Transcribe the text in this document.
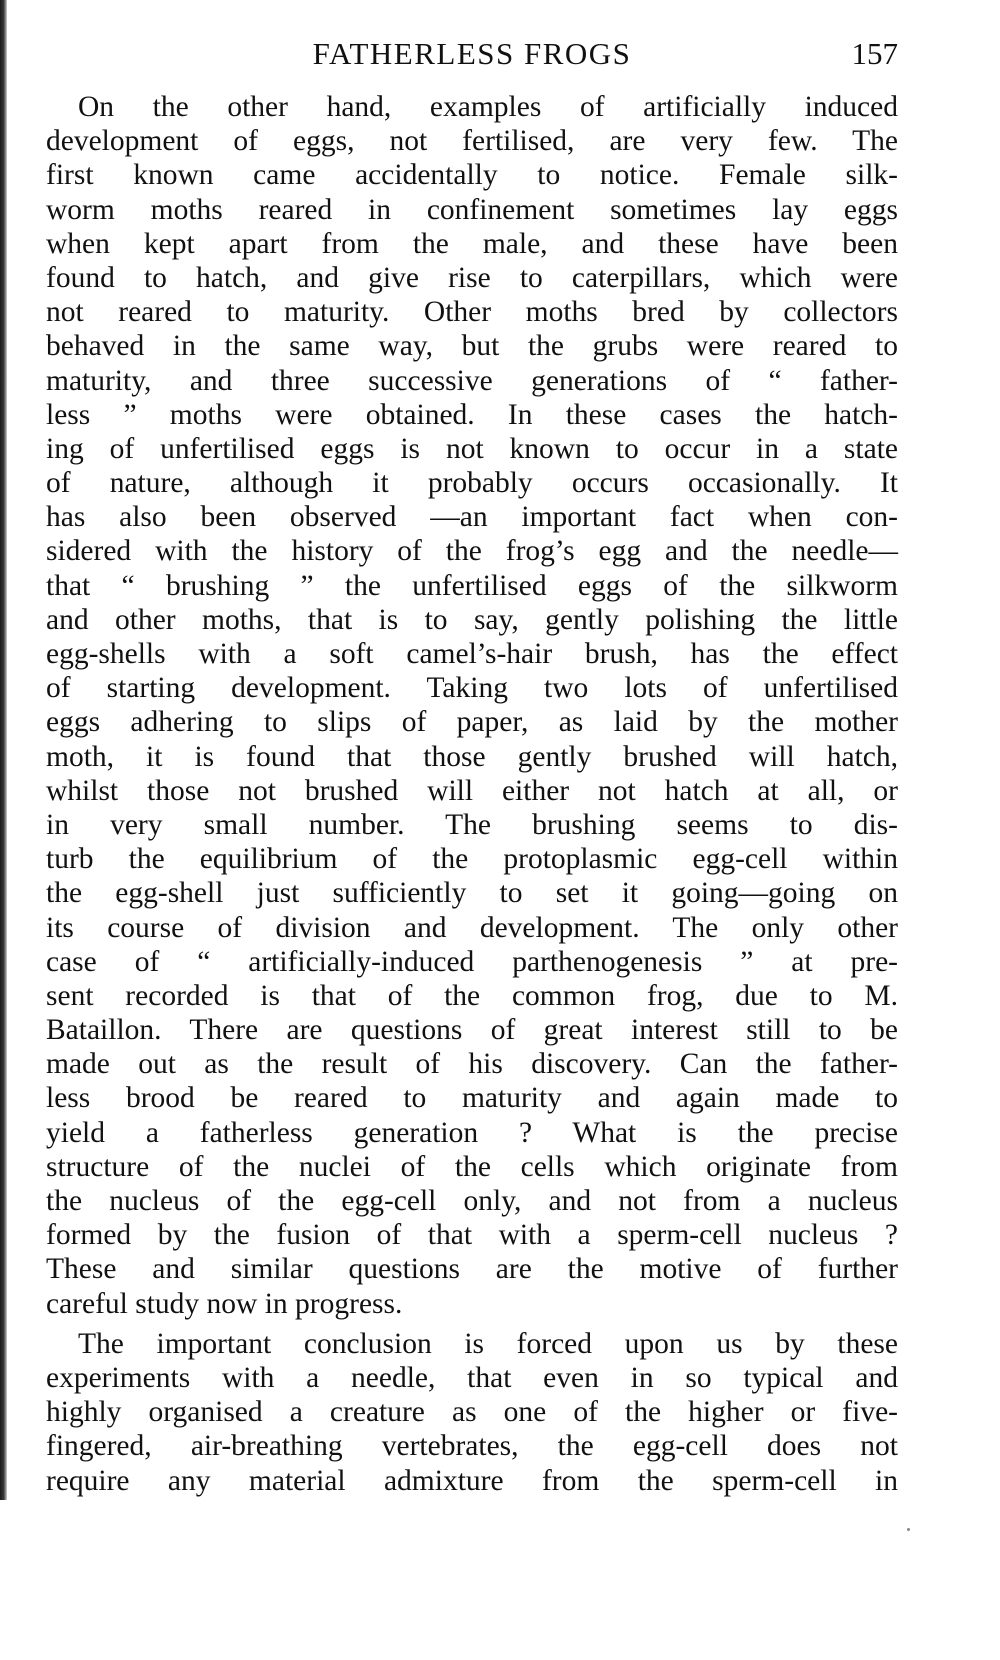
FATHERLESS FROGS	157
On the other hand, examples of artificially induced
development of eggs, not fertilised, are very few. The
first known came accidentally to notice. Female silk-
worm moths reared in confinement sometimes lay eggs
when kept apart from the male, and these have been
found to hatch, and give rise to caterpillars, which were
not reared to maturity. Other moths bred by collectors
behaved in the same way, but the grubs were reared to
maturity, and three successive generations of “ father-
less ” moths were obtained. In these cases the hatch-
ing of unfertilised eggs is not known to occur in a state
of nature, although it probably occurs occasionally. It
has also been observed —an important fact when con-
sidered with the history of the frog’s egg and the needle—
that “ brushing ” the unfertilised eggs of the silkworm
and other moths, that is to say, gently polishing the little
egg-shells with a soft camel’s-hair brush, has the effect
of starting development. Taking two lots of unfertilised
eggs adhering to slips of paper, as laid by the mother
moth, it is found that those gently brushed will hatch,
whilst those not brushed will either not hatch at all, or
in very small number. The brushing seems to dis-
turb the equilibrium of the protoplasmic egg-cell within
the egg-shell just sufficiently to set it going—going on
its course of division and development. The only other
case of “ artificially-induced parthenogenesis ” at pre-
sent recorded is that of the common frog, due to M.
Bataillon. There are questions of great interest still to be
made out as the result of his discovery. Can the father-
less brood be reared to maturity and again made to
yield a fatherless generation ? What is the precise
structure of the nuclei of the cells which originate from
the nucleus of the egg-cell only, and not from a nucleus
formed by the fusion of that with a sperm-cell nucleus ?
These and similar questions are the motive of further
careful study now in progress.
The important conclusion is forced upon us by these
experiments with a needle, that even in so typical and
highly organised a creature as one of the higher or five-
fingered, air-breathing vertebrates, the egg-cell does not
require any material admixture from the sperm-cell in
